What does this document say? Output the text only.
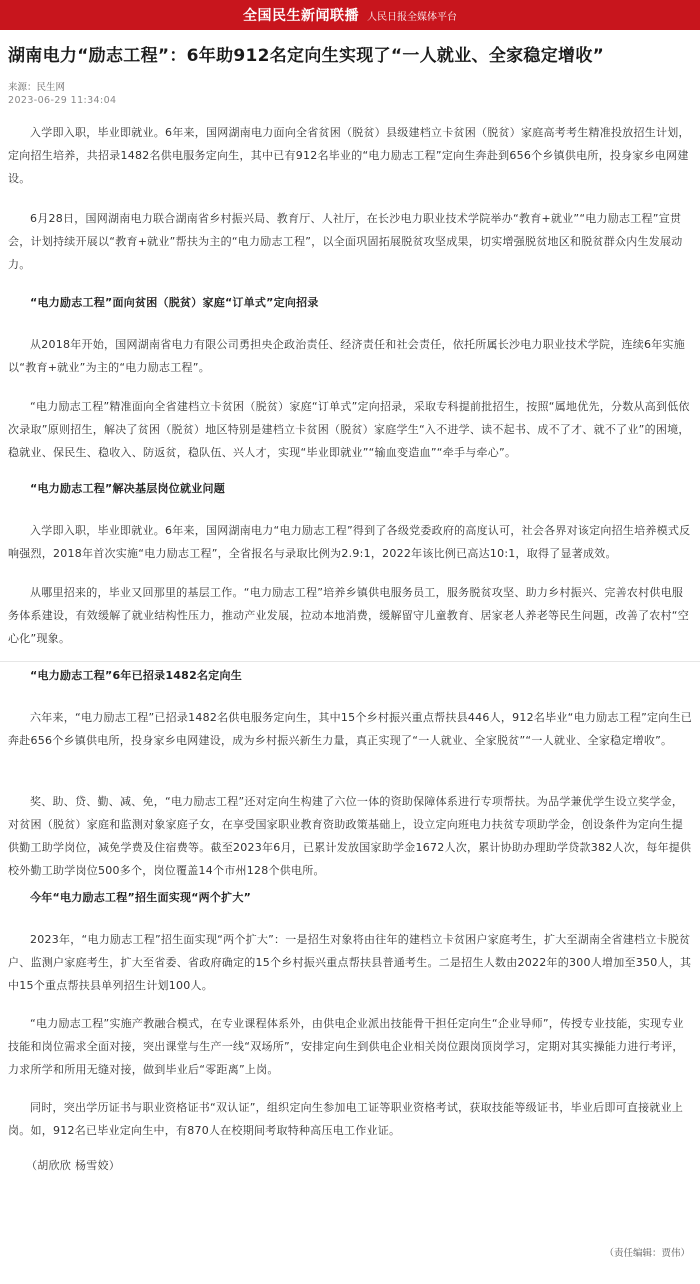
全国民生新闻联播 人民日报全媒体平台
湖南电力“励志工程”：6年助912名定向生实现了“一人就业、全家稳定增收”
来源：民生网
2023-06-29 11:34:04

入学即入职，毕业即就业。6年来，国网湖南电力面向全省贫困（脱贫）县级建档立卡贫困（脱贫）家庭高考考生精准投放招生计划，定向招生培养，共招录1482名供电服务定向生，其中已有912名毕业的“电力励志工程”定向生奔赴到656个乡镇供电所，投身家乡电网建设。

6月28日，国网湖南电力联合湖南省乡村振兴局、教育厅、人社厅，在长沙电力职业技术学院举办“教育+就业”“电力励志工程”宣贯会，计划持续开展以“教育+就业”帮扶为主的“电力励志工程”，以全面巩固拓展脱贫攻坚成果，切实增强脱贫地区和脱贫群众内生发展动力。

“电力励志工程”面向贫困（脱贫）家庭“订单式”定向招录

从2018年开始，国网湖南省电力有限公司勇担央企政治责任、经济责任和社会责任，依托所属长沙电力职业技术学院，连续6年实施以“教育+就业”为主的“电力励志工程”。

“电力励志工程”精准面向全省建档立卡贫困（脱贫）家庭“订单式”定向招录，采取专科提前批招生，按照“属地优先，分数从高到低依次录取”原则招生，解决了贫困（脱贫）地区特别是建档立卡贫困（脱贫）家庭学生“入不进学、读不起书、成不了才、就不了业”的困境，稳就业、保民生、稳收入、防返贫，稳队伍、兴人才，实现“毕业即就业”“输血变造血”“牵手与牵心”。

“电力励志工程”解决基层岗位就业问题

入学即入职，毕业即就业。6年来，国网湖南电力“电力励志工程”得到了各级党委政府的高度认可，社会各界对该定向招生培养模式反响强烈，2018年首次实施“电力励志工程”，全省报名与录取比例为2.9:1，2022年该比例已高达10:1，取得了显著成效。

从哪里招来的，毕业又回那里的基层工作。“电力励志工程”培养乡镇供电服务员工，服务脱贫攻坚、助力乡村振兴、完善农村供电服务体系建设，有效缓解了就业结构性压力，推动产业发展，拉动本地消费，缓解留守儿童教育、居家老人养老等民生问题，改善了农村“空心化”现象。

“电力励志工程”6年已招录1482名定向生

六年来，“电力励志工程”已招录1482名供电服务定向生，其中15个乡村振兴重点帮扶县446人，912名毕业“电力励志工程”定向生已奔赴656个乡镇供电所，投身家乡电网建设，成为乡村振兴新生力量，真正实现了“一人就业、全家脱贫”“一人就业、全家稳定增收”。

奖、助、贷、勤、减、免，“电力励志工程”还对定向生构建了六位一体的资助保障体系进行专项帮扶。为品学兼优学生设立奖学金，对贫困（脱贫）家庭和监测对象家庭子女，在享受国家职业教育资助政策基础上，设立定向班电力扶贫专项助学金，创设条件为定向生提供勤工助学岗位，减免学费及住宿费等。截至2023年6月，已累计发放国家助学金1672人次，累计协助办理助学贷款382人次，每年提供校外勤工助学岗位500多个，岗位覆盖14个市州128个供电所。

今年“电力励志工程”招生面实现“两个扩大”

2023年，“电力励志工程”招生面实现“两个扩大”：一是招生对象将由往年的建档立卡贫困户家庭考生，扩大至湖南全省建档立卡脱贫户、监测户家庭考生，扩大至省委、省政府确定的15个乡村振兴重点帮扶县普通考生。二是招生人数由2022年的300人增加至350人，其中15个重点帮扶县单列招生计划100人。

“电力励志工程”实施产教融合模式，在专业课程体系外，由供电企业派出技能骨干担任定向生“企业导师”，传授专业技能，实现专业技能和岗位需求全面对接，突出课堂与生产一线“双场所”，安排定向生到供电企业相关岗位跟岗顶岗学习，定期对其实操能力进行考评，力求所学和所用无缝对接，做到毕业后“零距离”上岗。

同时，突出学历证书与职业资格证书“双认证”，组织定向生参加电工证等职业资格考试，获取技能等级证书，毕业后即可直接就业上岗。如，912名已毕业定向生中，有870人在校期间考取特种高压电工作业证。

（胡欣欣 杨雪姣）
（责任编辑：贾伟）
